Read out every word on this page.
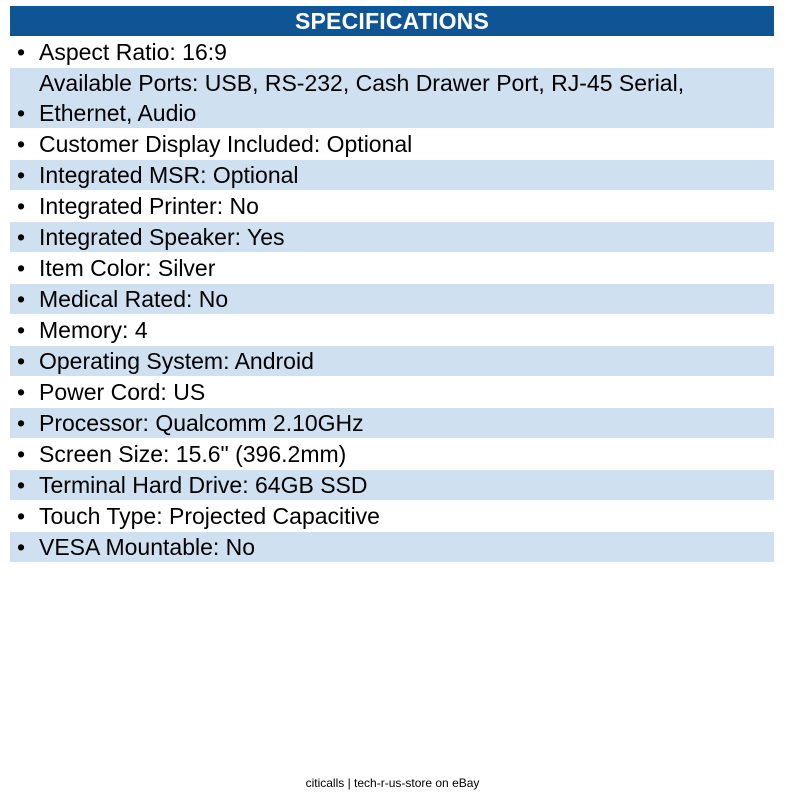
SPECIFICATIONS
• Aspect Ratio: 16:9
•
Available Ports: USB, RS-232, Cash Drawer Port, RJ-45 Serial, Ethernet, Audio
• Customer Display Included: Optional
• Integrated MSR: Optional
• Integrated Printer: No
• Integrated Speaker: Yes
• Item Color: Silver
• Medical Rated: No
• Memory: 4
• Operating System: Android
• Power Cord: US
• Processor: Qualcomm 2.10GHz
• Screen Size: 15.6" (396.2mm)
• Terminal Hard Drive: 64GB SSD
• Touch Type: Projected Capacitive
• VESA Mountable: No
citicalls | tech-r-us-store on eBay
